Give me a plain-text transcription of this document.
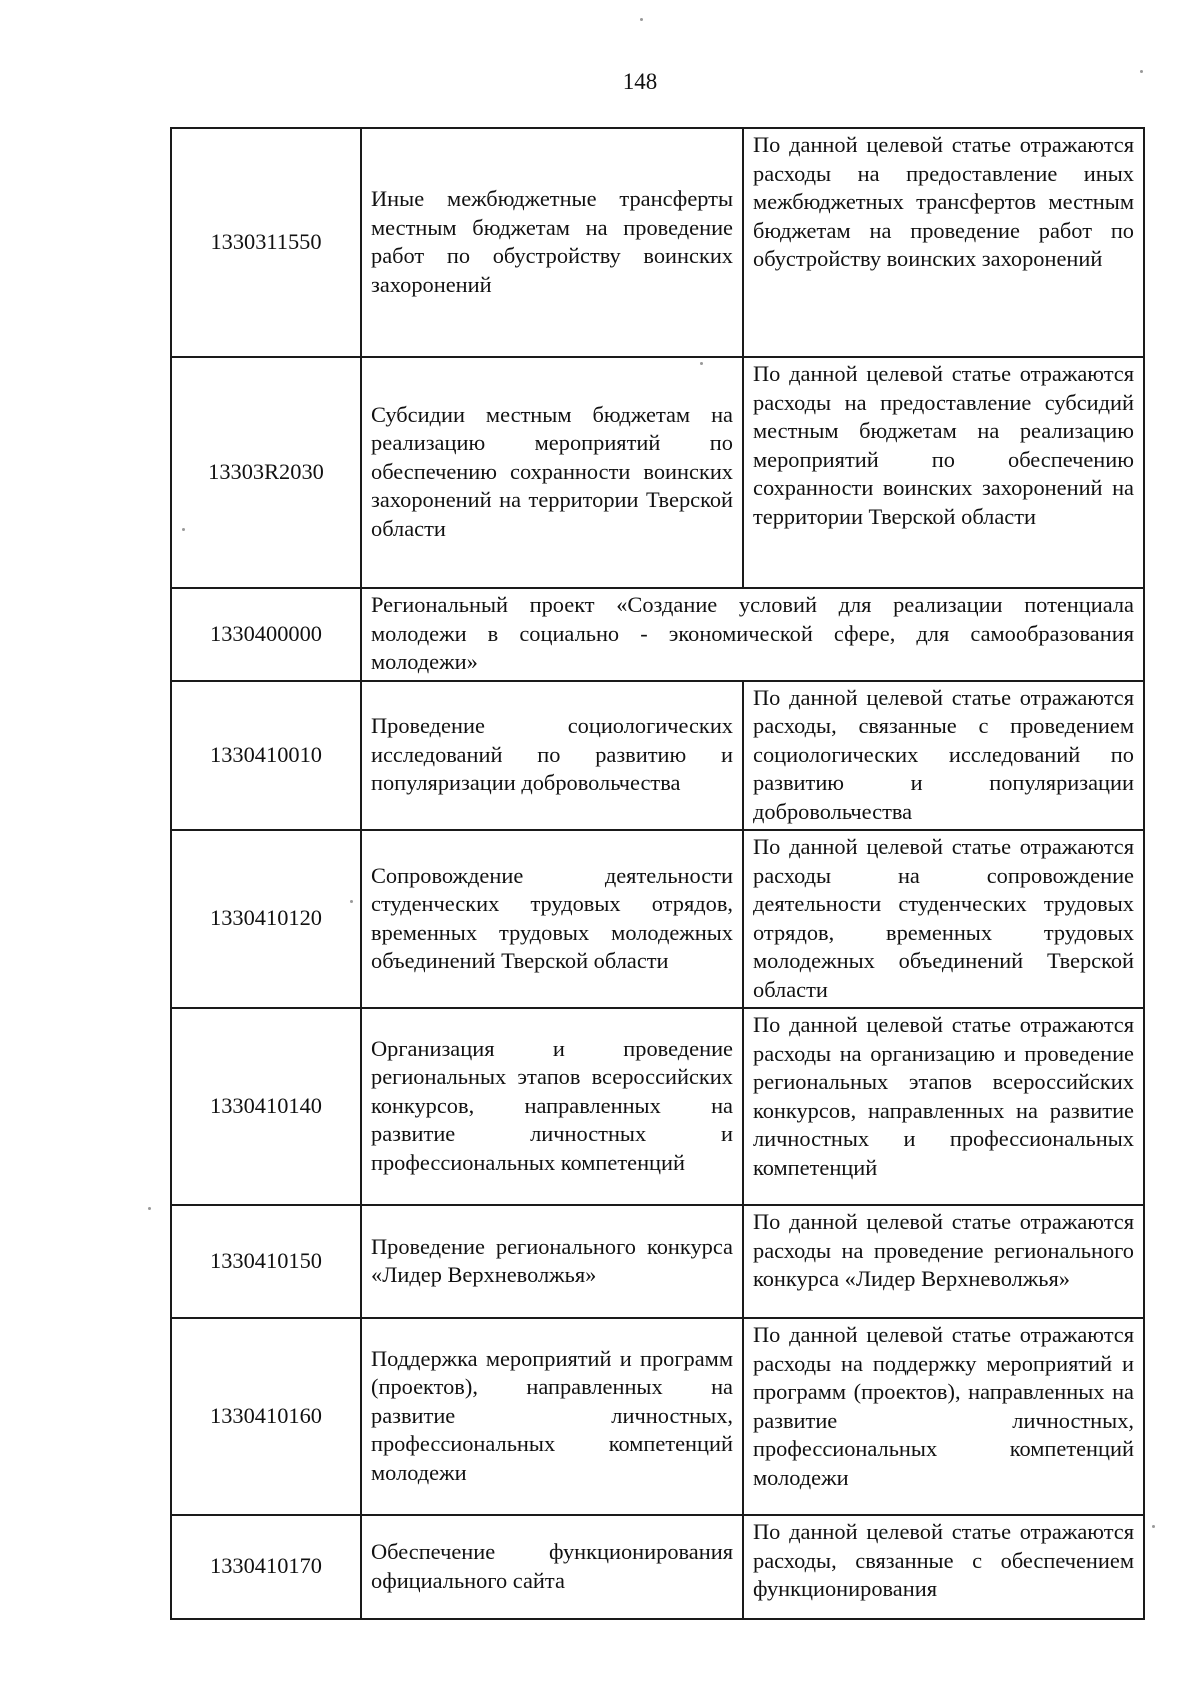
148
1330311550	Иные межбюджетные трансферты местным бюджетам на проведение работ по обустройству воинских захоронений	По данной целевой статье отражаются расходы на предоставление иных межбюджетных трансфертов местным бюджетам на проведение работ по обустройству воинских захоронений
13303R2030	Субсидии местным бюджетам на реализацию мероприятий по обеспечению сохранности воинских захоронений на территории Тверской области	По данной целевой статье отражаются расходы на предоставление субсидий местным бюджетам на реализацию мероприятий по обеспечению сохранности воинских захоронений на территории Тверской области
1330400000	Региональный проект «Создание условий для реализации потенциала молодежи в социально - экономической сфере, для самообразования молодежи»	
1330410010	Проведение социологических исследований по развитию и популяризации добровольчества	По данной целевой статье отражаются расходы, связанные с проведением социологических исследований по развитию и популяризации добровольчества
1330410120	Сопровождение деятельности студенческих трудовых отрядов, временных трудовых молодежных объединений Тверской области	По данной целевой статье отражаются расходы на сопровождение деятельности студенческих трудовых отрядов, временных трудовых молодежных объединений Тверской области
1330410140	Организация и проведение региональных этапов всероссийских конкурсов, направленных на развитие личностных и профессиональных компетенций	По данной целевой статье отражаются расходы на организацию и проведение региональных этапов всероссийских конкурсов, направленных на развитие личностных и профессиональных компетенций
1330410150	Проведение регионального конкурса «Лидер Верхневолжья»	По данной целевой статье отражаются расходы на проведение регионального конкурса «Лидер Верхневолжья»
1330410160	Поддержка мероприятий и программ (проектов), направленных на развитие личностных, профессиональных компетенций молодежи	По данной целевой статье отражаются расходы на поддержку мероприятий и программ (проектов), направленных на развитие личностных, профессиональных компетенций молодежи
1330410170	Обеспечение функционирования официального сайта	По данной целевой статье отражаются расходы, связанные с обеспечением функционирования
